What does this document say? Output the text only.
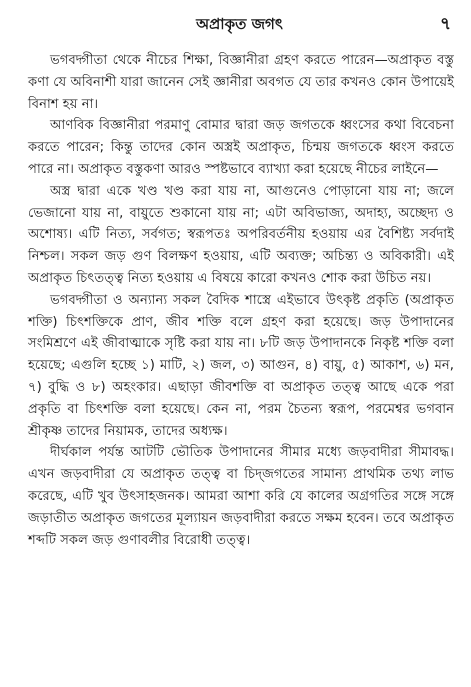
অপ্রাকৃত জগৎ	৭

ভগবদ্গীতা থেকে নীচের শিক্ষা, বিজ্ঞানীরা গ্রহণ করতে পারেন—অপ্রাকৃত বস্তু কণা যে অবিনাশী যারা জানেন সেই জ্ঞানীরা অবগত যে তার কখনও কোন উপায়েই বিনাশ হয় না।

আণবিক বিজ্ঞানীরা পরমাণু বোমার দ্বারা জড় জগতকে ধ্বংসের কথা বিবেচনা করতে পারেন; কিন্তু তাদের কোন অস্ত্রই অপ্রাকৃত, চিন্ময় জগতকে ধ্বংস করতে পারে না। অপ্রাকৃত বস্তুকণা আরও স্পষ্টভাবে ব্যাখ্যা করা হয়েছে নীচের লাইনে—

অস্ত্র দ্বারা একে খণ্ড খণ্ড করা যায় না, আগুনেও পোড়ানো যায় না; জলে ভেজানো যায় না, বায়ুতে শুকানো যায় না; এটা অবিভাজ্য, অদাহ্য, অচ্ছেদ্য ও অশোষ্য। এটি নিত্য, সর্বগত; স্বরূপতঃ অপরিবর্তনীয় হওয়ায় এর বৈশিষ্ট্য সর্বদাই নিশ্চল। সকল জড় গুণ বিলক্ষণ হওয়ায়, এটি অব্যক্ত; অচিন্ত্য ও অবিকারী। এই অপ্রাকৃত চিৎতত্ত্ব নিত্য হওয়ায় এ বিষয়ে কারো কখনও শোক করা উচিত নয়।

ভগবদ্গীতা ও অন্যান্য সকল বৈদিক শাস্ত্রে এইভাবে উৎকৃষ্ট প্রকৃতি (অপ্রাকৃত শক্তি) চিৎশক্তিকে প্রাণ, জীব শক্তি বলে গ্রহণ করা হয়েছে। জড় উপাদানের সংমিশ্রণে এই জীবাত্মাকে সৃষ্টি করা যায় না। ৮টি জড় উপাদানকে নিকৃষ্ট শক্তি বলা হয়েছে; এগুলি হচ্ছে ১) মাটি, ২) জল, ৩) আগুন, ৪) বায়ু, ৫) আকাশ, ৬) মন, ৭) বুদ্ধি ও ৮) অহংকার। এছাড়া জীবশক্তি বা অপ্রাকৃত তত্ত্ব আছে একে পরা প্রকৃতি বা চিৎশক্তি বলা হয়েছে। কেন না, পরম চৈতন্য স্বরূপ, পরমেশ্বর ভগবান শ্রীকৃষ্ণ তাদের নিয়ামক, তাদের অধ্যক্ষ।

দীর্ঘকাল পর্যন্ত আটটি ভৌতিক উপাদানের সীমার মধ্যে জড়বাদীরা সীমাবদ্ধ। এখন জড়বাদীরা যে অপ্রাকৃত তত্ত্ব বা চিদ্জগতের সামান্য প্রাথমিক তথ্য লাভ করেছে, এটি খুব উৎসাহজনক। আমরা আশা করি যে কালের অগ্রগতির সঙ্গে সঙ্গে জড়াতীত অপ্রাকৃত জগতের মূল্যায়ন জড়বাদীরা করতে সক্ষম হবেন। তবে অপ্রাকৃত শব্দটি সকল জড় গুণাবলীর বিরোধী তত্ত্ব।
